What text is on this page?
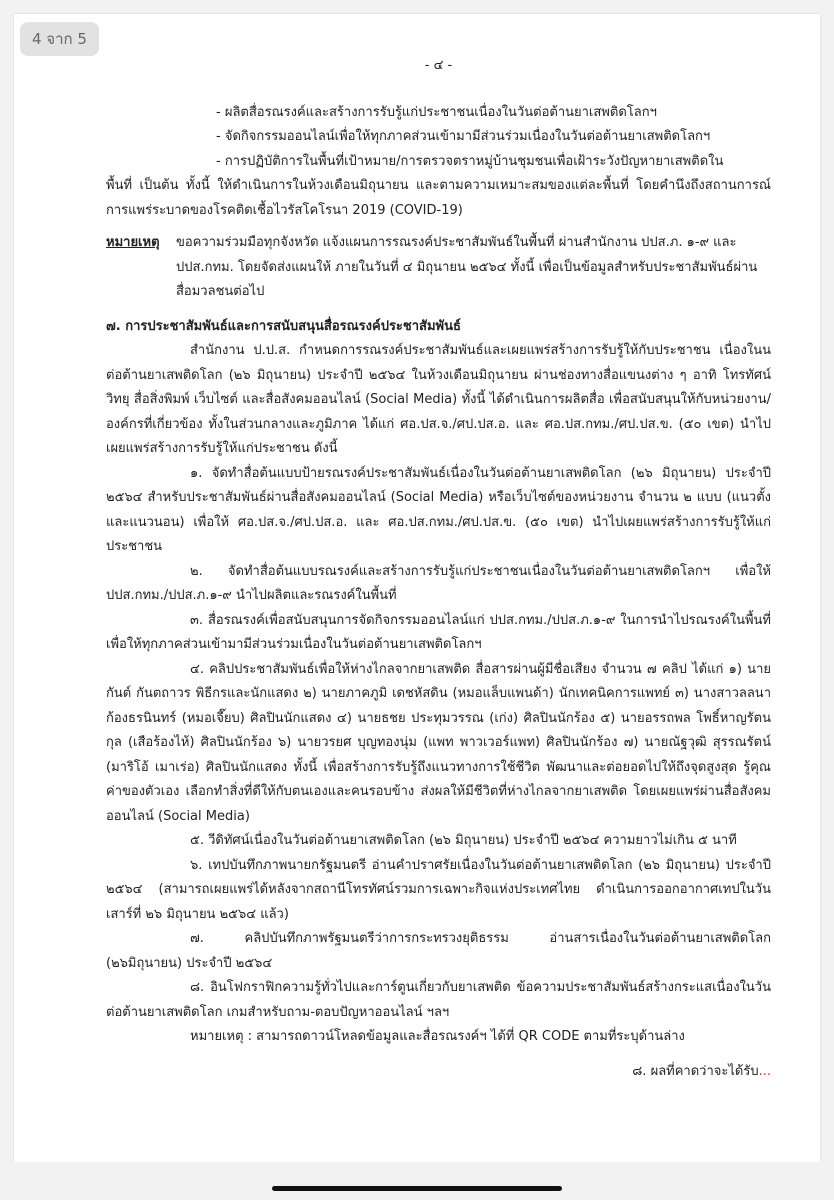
- ๔ -

- ผลิตสื่อรณรงค์และสร้างการรับรู้แก่ประชาชนเนื่องในวันต่อต้านยาเสพติดโลกฯ

- จัดกิจกรรมออนไลน์เพื่อให้ทุกภาคส่วนเข้ามามีส่วนร่วมเนื่องในวันต่อต้านยาเสพติดโลกฯ

- การปฏิบัติการในพื้นที่เป้าหมาย/การตรวจตราหมู่บ้านชุมชนเพื่อเฝ้าระวังปัญหายาเสพติดใน

พื้นที่ เป็นต้น ทั้งนี้ ให้ดำเนินการในห้วงเดือนมิถุนายน และตามความเหมาะสมของแต่ละพื้นที่ โดยคำนึงถึงสถานการณ์การแพร่ระบาดของโรคติดเชื้อไวรัสโคโรนา 2019 (COVID-19)

หมายเหตุ	ขอความร่วมมือทุกจังหวัด แจ้งแผนการรณรงค์ประชาสัมพันธ์ในพื้นที่ ผ่านสำนักงาน ปปส.ภ. ๑-๙ และ ปปส.กทม. โดยจัดส่งแผนให้ ภายในวันที่ ๔ มิถุนายน ๒๕๖๔ ทั้งนี้ เพื่อเป็นข้อมูลสำหรับประชาสัมพันธ์ผ่านสื่อมวลชนต่อไป
๗. การประชาสัมพันธ์และการสนับสนุนสื่อรณรงค์ประชาสัมพันธ์

สำนักงาน ป.ป.ส. กำหนดการรณรงค์ประชาสัมพันธ์และเผยแพร่สร้างการรับรู้ให้กับประชาชน เนื่องในนต่อต้านยาเสพติดโลก (๒๖ มิถุนายน) ประจำปี ๒๕๖๔ ในห้วงเดือนมิถุนายน ผ่านช่องทางสื่อแขนงต่าง ๆ อาทิ โทรทัศน์ วิทยุ สื่อสิ่งพิมพ์ เว็บไซต์ และสื่อสังคมออนไลน์ (Social Media) ทั้งนี้ ได้ดำเนินการผลิตสื่อ เพื่อสนับสนุนให้กับหน่วยงาน/องค์กรที่เกี่ยวข้อง ทั้งในส่วนกลางและภูมิภาค ได้แก่ ศอ.ปส.จ./ศป.ปส.อ. และ ศอ.ปส.กทม./ศป.ปส.ข. (๕๐ เขต) นำไปเผยแพร่สร้างการรับรู้ให้แก่ประชาชน ดังนี้

๑. จัดทำสื่อต้นแบบป้ายรณรงค์ประชาสัมพันธ์เนื่องในวันต่อต้านยาเสพติดโลก (๒๖ มิถุนายน) ประจำปี ๒๕๖๔ สำหรับประชาสัมพันธ์ผ่านสื่อสังคมออนไลน์ (Social Media) หรือเว็บไซต์ของหน่วยงาน จำนวน ๒ แบบ (แนวตั้งและแนวนอน) เพื่อให้ ศอ.ปส.จ./ศป.ปส.อ. และ ศอ.ปส.กทม./ศป.ปส.ข. (๕๐ เขต) นำไปเผยแพร่สร้างการรับรู้ให้แก่ประชาชน

๒. จัดทำสื่อต้นแบบรณรงค์และสร้างการรับรู้แก่ประชาชนเนื่องในวันต่อต้านยาเสพติดโลกฯ เพื่อให้ ปปส.กทม./ปปส.ภ.๑-๙ นำไปผลิตและรณรงค์ในพื้นที่

๓. สื่อรณรงค์เพื่อสนับสนุนการจัดกิจกรรมออนไลน์แก่ ปปส.กทม./ปปส.ภ.๑-๙ ในการนำไปรณรงค์ในพื้นที่ เพื่อให้ทุกภาคส่วนเข้ามามีส่วนร่วมเนื่องในวันต่อต้านยาเสพติดโลกฯ

๔. คลิปประชาสัมพันธ์เพื่อให้ห่างไกลจากยาเสพติด สื่อสารผ่านผู้มีชื่อเสียง จำนวน ๗ คลิป ได้แก่ ๑) นายกันต์ กันตถาวร พิธีกรและนักแสดง ๒) นายภาคภูมิ เดชหัสดิน (หมอแล็บแพนด้า) นักเทคนิคการแพทย์ ๓) นางสาวลลนา ก้องธรนินทร์ (หมอเจี๊ยบ) ศิลปินนักแสดง ๔) นายธชย ประทุมวรรณ (เก่ง) ศิลปินนักร้อง ๕) นายอรรถพล โพธิ์หาญรัตนกุล (เสือร้องไห้) ศิลปินนักร้อง ๖) นายวรยศ บุญทองนุ่ม (แพท พาวเวอร์แพท) ศิลปินนักร้อง ๗) นายณัฐวุฒิ สุรรณรัตน์ (มาริโอ้ เมาเร่อ) ศิลปินนักแสดง ทั้งนี้ เพื่อสร้างการรับรู้ถึงแนวทางการใช้ชีวิต พัฒนาและต่อยอดไปให้ถึงจุดสูงสุด รู้คุณค่าของตัวเอง เลือกทำสิ่งที่ดีให้กับตนเองและคนรอบข้าง ส่งผลให้มีชีวิตที่ห่างไกลจากยาเสพติด โดยเผยแพร่ผ่านสื่อสังคมออนไลน์ (Social Media)

๕. วีดิทัศน์เนื่องในวันต่อต้านยาเสพติดโลก (๒๖ มิถุนายน) ประจำปี ๒๕๖๔ ความยาวไม่เกิน ๕ นาที

๖. เทปบันทึกภาพนายกรัฐมนตรี อ่านคำปราศรัยเนื่องในวันต่อต้านยาเสพติดโลก (๒๖ มิถุนายน) ประจำปี ๒๕๖๔ (สามารถเผยแพร่ได้หลังจากสถานีโทรทัศน์รวมการเฉพาะกิจแห่งประเทศไทย ดำเนินการออกอากาศเทปในวันเสาร์ที่ ๒๖ มิถุนายน ๒๕๖๔ แล้ว)

๗. คลิปบันทึกภาพรัฐมนตรีว่าการกระทรวงยุติธรรม อ่านสารเนื่องในวันต่อต้านยาเสพติดโลก (๒๖มิถุนายน) ประจำปี ๒๕๖๔

๘. อินโฟกราฟิกความรู้ทั่วไปและการ์ตูนเกี่ยวกับยาเสพติด ข้อความประชาสัมพันธ์สร้างกระแสเนื่องในวันต่อต้านยาเสพติดโลก เกมสำหรับถาม-ตอบปัญหาออนไลน์ ฯลฯ

หมายเหตุ : สามารถดาวน์โหลดข้อมูลและสื่อรณรงค์ฯ ได้ที่ QR CODE ตามที่ระบุด้านล่าง

๘. ผลที่คาดว่าจะได้รับ...

4 จาก 5
